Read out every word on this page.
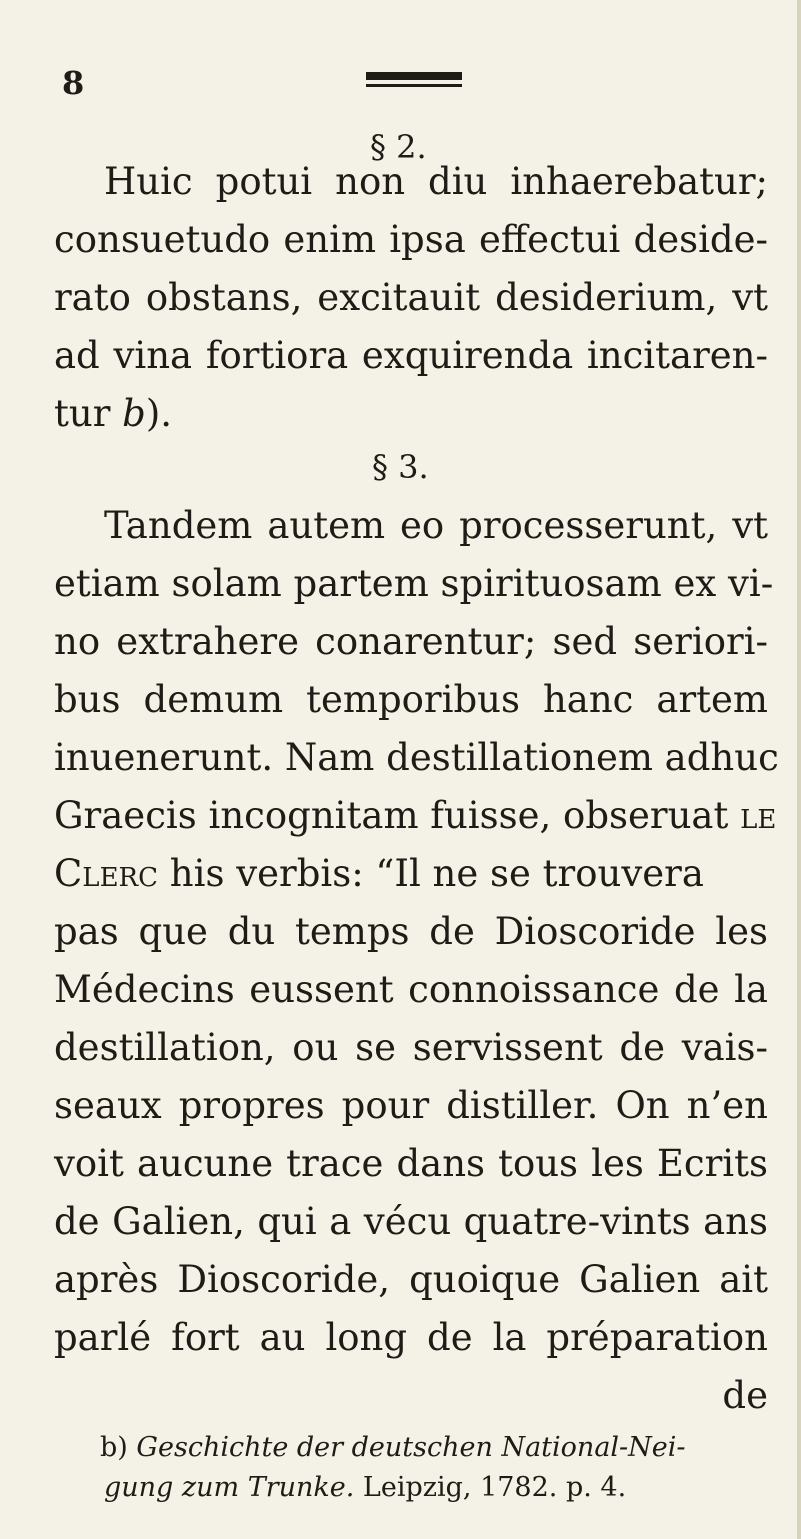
8
§ 2.
Huic potui non diu inhaerebatur;
consuetudo enim ipsa effectui deside-
rato obstans, excitauit desiderium, vt
ad vina fortiora exquirenda incitaren-
tur b).
§ 3.
Tandem autem eo processerunt, vt
etiam solam partem spirituosam ex vi-
no extrahere conarentur; sed seriori-
bus demum temporibus hanc artem
inuenerunt. Nam destillationem adhuc
Graecis incognitam fuisse, obseruat le
Clerc his verbis: “Il ne se trouvera
pas que du temps de Dioscoride les
Médecins eussent connoissance de la
destillation, ou se servissent de vais-
seaux propres pour distiller. On n’en
voit aucune trace dans tous les Ecrits
de Galien, qui a vécu quatre-vints ans
après Dioscoride, quoique Galien ait
parlé fort au long de la préparation
de
b) Geschichte der deutschen National-Nei-
gung zum Trunke. Leipzig, 1782. p. 4.
